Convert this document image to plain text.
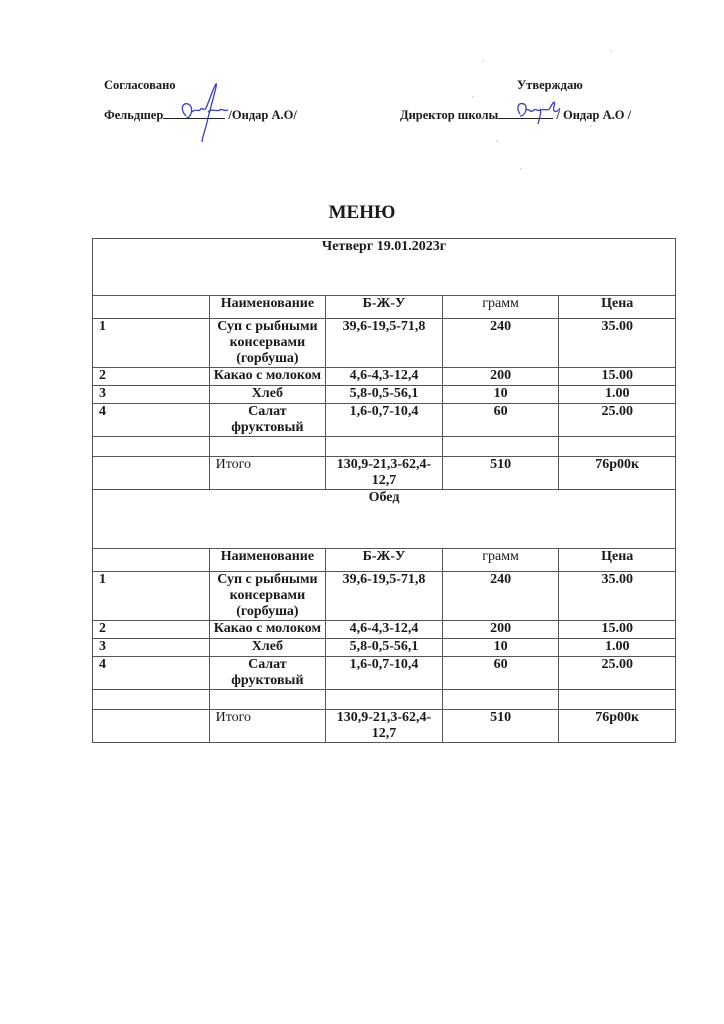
Согласовано
Фельдшер	/Ондар А.О/
Утверждаю
Директор школы	/ Ондар А.О /
МЕНЮ
Четверг 19.01.2023г				
	Наименование	Б-Ж-У	грамм	Цена
1	Суп с рыбными консервами (горбуша)	39,6-19,5-71,8	240	35.00
2	Какао с молоком	4,6-4,3-12,4	200	15.00
3	Хлеб	5,8-0,5-56,1	10	1.00
4	Салат фруктовый	1,6-0,7-10,4	60	25.00

	Итого	130,9-21,3-62,4-12,7	510	76р00к
Обед				
	Наименование	Б-Ж-У	грамм	Цена
1	Суп с рыбными консервами (горбуша)	39,6-19,5-71,8	240	35.00
2	Какао с молоком	4,6-4,3-12,4	200	15.00
3	Хлеб	5,8-0,5-56,1	10	1.00
4	Салат фруктовый	1,6-0,7-10,4	60	25.00

	Итого	130,9-21,3-62,4-12,7	510	76р00к
